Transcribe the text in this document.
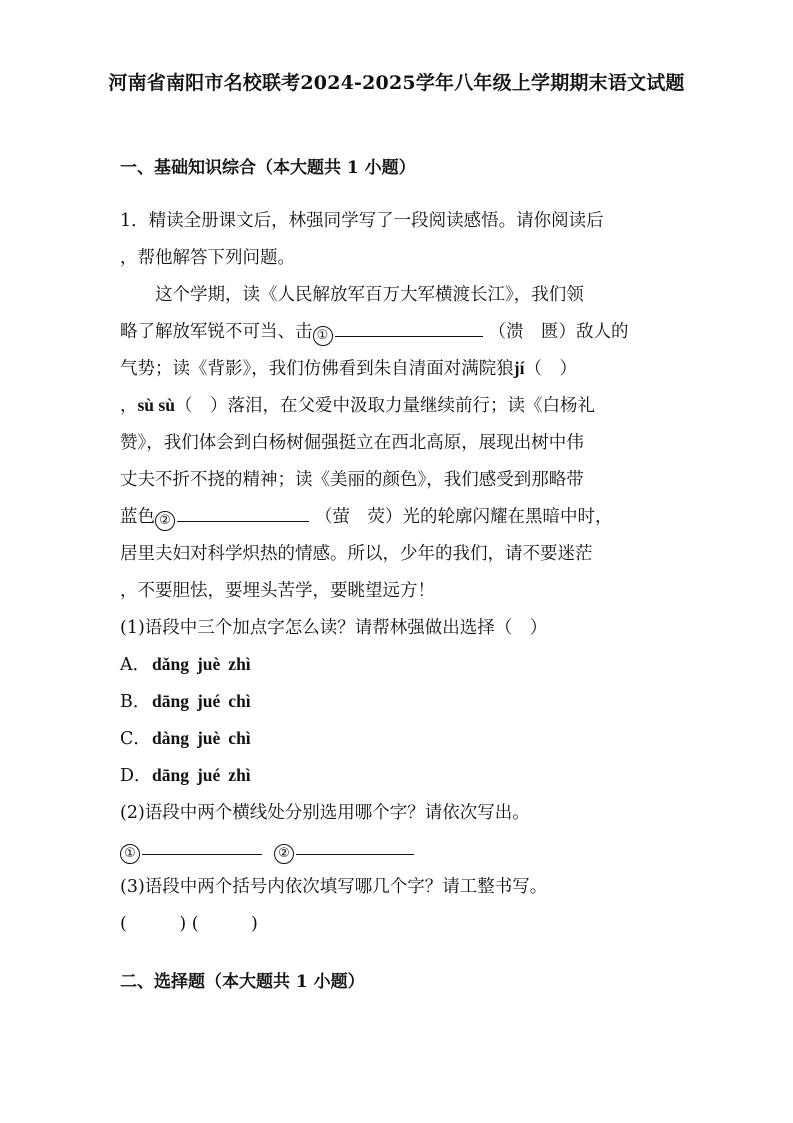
河南省南阳市名校联考2024-2025学年八年级上学期期末语文试题
一、基础知识综合（本大题共 1 小题）
1．精读全册课文后，林强同学写了一段阅读感悟。请你阅读后
，帮他解答下列问题。
这个学期，读《人民解放军百万大军横渡长江》，我们领
略了解放军锐不可当、击 ①	（溃　匮）敌人的
气势；读《背影》，我们仿佛看到朱自清面对满院狼jí（　）
，sù sù（　）落泪，在父爱中汲取力量继续前行；读《白杨礼
赞》，我们体会到白杨树倔强挺立在西北高原，展现出树中伟
丈夫不折不挠的精神；读《美丽的颜色》，我们感受到那略带
蓝色 ②	（萤　荧）光的轮廓闪耀在黑暗中时，
居里夫妇对科学炽热的情感。所以，少年的我们，请不要迷茫
，不要胆怯，要埋头苦学，要眺望远方！
(1)语段中三个加点字怎么读？请帮林强做出选择（　）
A． dǎng juè zhì
B．dāng jué chì
C．dàng juè chì
D．dāng jué zhì
(2)语段中两个横线处分别选用哪个字？请依次写出。
①	②
(3)语段中两个括号内依次填写哪几个字？请工整书写。
(　　　) (　　　)
二、选择题（本大题共 1 小题）
